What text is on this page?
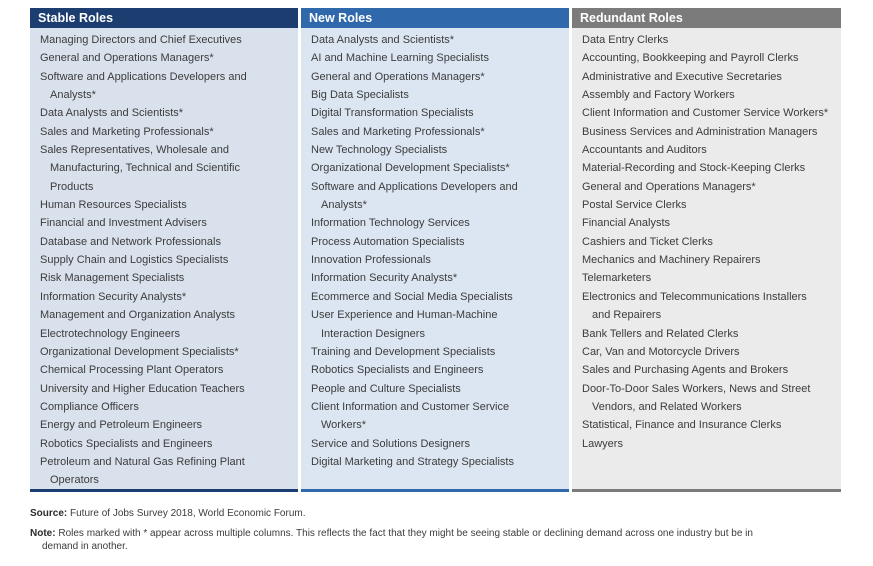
Stable Roles
Managing Directors and Chief Executives
General and Operations Managers*
Software and Applications Developers and
Analysts*
Data Analysts and Scientists*
Sales and Marketing Professionals*
Sales Representatives, Wholesale and
Manufacturing, Technical and Scientific
Products
Human Resources Specialists
Financial and Investment Advisers
Database and Network Professionals
Supply Chain and Logistics Specialists
Risk Management Specialists
Information Security Analysts*
Management and Organization Analysts
Electrotechnology Engineers
Organizational Development Specialists*
Chemical Processing Plant Operators
University and Higher Education Teachers
Compliance Officers
Energy and Petroleum Engineers
Robotics Specialists and Engineers
Petroleum and Natural Gas Refining Plant
Operators
New Roles
Data Analysts and Scientists*
AI and Machine Learning Specialists
General and Operations Managers*
Big Data Specialists
Digital Transformation Specialists
Sales and Marketing Professionals*
New Technology Specialists
Organizational Development Specialists*
Software and Applications Developers and
Analysts*
Information Technology Services
Process Automation Specialists
Innovation Professionals
Information Security Analysts*
Ecommerce and Social Media Specialists
User Experience and Human-Machine
Interaction Designers
Training and Development Specialists
Robotics Specialists and Engineers
People and Culture Specialists
Client Information and Customer Service
Workers*
Service and Solutions Designers
Digital Marketing and Strategy Specialists
Redundant Roles
Data Entry Clerks
Accounting, Bookkeeping and Payroll Clerks
Administrative and Executive Secretaries
Assembly and Factory Workers
Client Information and Customer Service Workers*
Business Services and Administration Managers
Accountants and Auditors
Material-Recording and Stock-Keeping Clerks
General and Operations Managers*
Postal Service Clerks
Financial Analysts
Cashiers and Ticket Clerks
Mechanics and Machinery Repairers
Telemarketers
Electronics and Telecommunications Installers
and Repairers
Bank Tellers and Related Clerks
Car, Van and Motorcycle Drivers
Sales and Purchasing Agents and Brokers
Door-To-Door Sales Workers, News and Street
Vendors, and Related Workers
Statistical, Finance and Insurance Clerks
Lawyers
Source: Future of Jobs Survey 2018, World Economic Forum.
Note: Roles marked with * appear across multiple columns. This reflects the fact that they might be seeing stable or declining demand across one industry but be in
demand in another.
